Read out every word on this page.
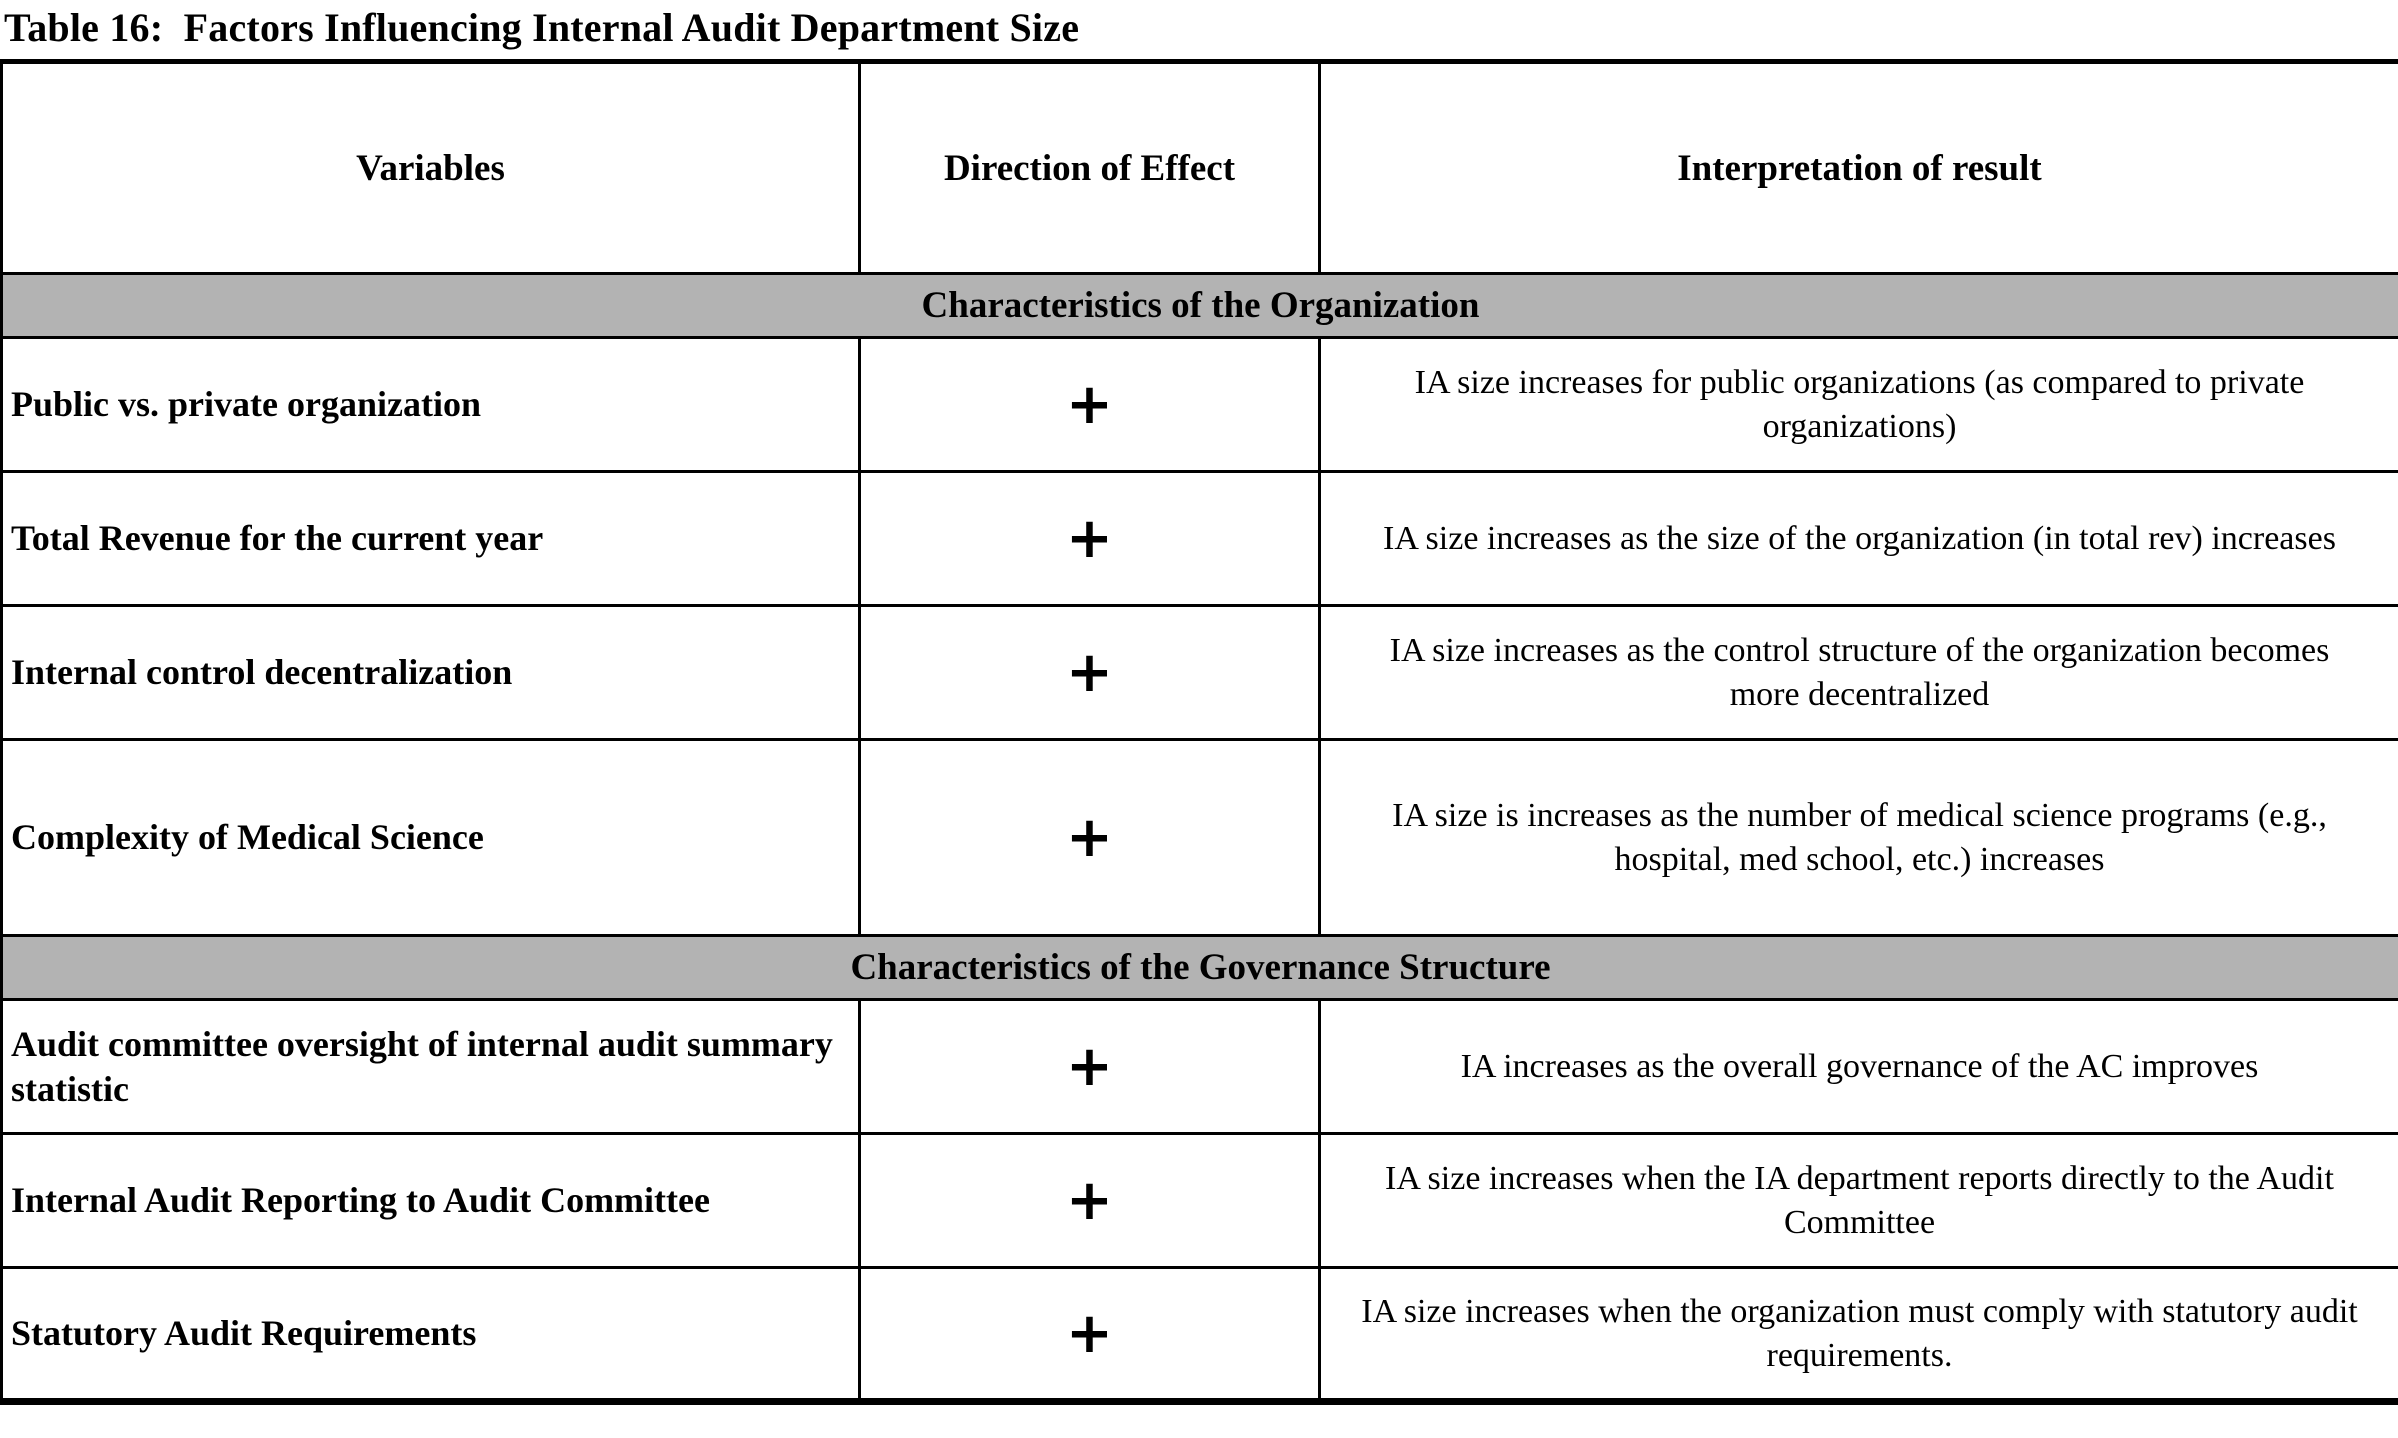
Table 16:  Factors Influencing Internal Audit Department Size
Variables	Direction of Effect	Interpretation of result
Characteristics of the Organization		
Public vs. private organization	+	IA size increases for public organizations (as compared to private organizations)
Total Revenue for the current year	+	IA size increases as the size of the organization (in total rev) increases
Internal control decentralization	+	IA size increases as the control structure of the organization becomes more decentralized
Complexity of Medical Science	+	IA size is increases as the number of medical science programs (e.g., hospital, med school, etc.) increases
Characteristics of the Governance Structure		
Audit committee oversight of internal audit summary statistic	+	IA increases as the overall governance of the AC improves
Internal Audit Reporting to Audit Committee	+	IA size increases when the IA department reports directly to the Audit Committee
Statutory Audit Requirements	+	IA size increases when the organization must comply with statutory audit requirements.
